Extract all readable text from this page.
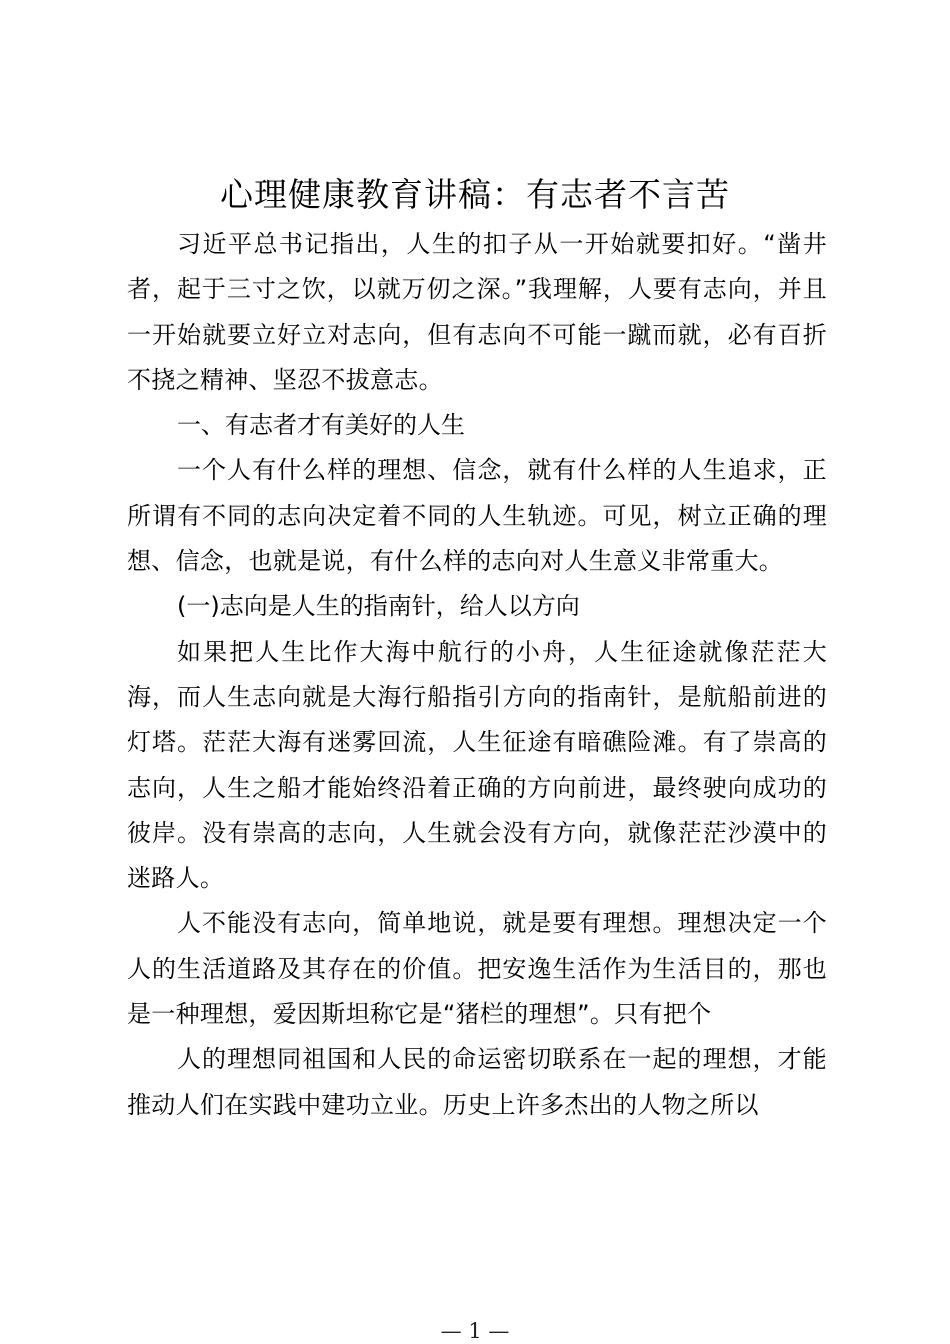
心理健康教育讲稿：有志者不言苦

习近平总书记指出，人生的扣子从一开始就要扣好。“凿井者，起于三寸之饮，以就万仞之深。”我理解，人要有志向，并且一开始就要立好立对志向，但有志向不可能一蹴而就，必有百折不挠之精神、坚忍不拔意志。

一、有志者才有美好的人生

一个人有什么样的理想、信念，就有什么样的人生追求，正所谓有不同的志向决定着不同的人生轨迹。可见，树立正确的理想、信念，也就是说，有什么样的志向对人生意义非常重大。

(一)志向是人生的指南针，给人以方向

如果把人生比作大海中航行的小舟，人生征途就像茫茫大海，而人生志向就是大海行船指引方向的指南针，是航船前进的灯塔。茫茫大海有迷雾回流，人生征途有暗礁险滩。有了崇高的志向，人生之船才能始终沿着正确的方向前进，最终驶向成功的彼岸。没有崇高的志向，人生就会没有方向，就像茫茫沙漠中的迷路人。

人不能没有志向，简单地说，就是要有理想。理想决定一个人的生活道路及其存在的价值。把安逸生活作为生活目的，那也是一种理想，爱因斯坦称它是“猪栏的理想”。只有把个

人的理想同祖国和人民的命运密切联系在一起的理想，才能推动人们在实践中建功立业。历史上许多杰出的人物之所以

— 1 —
